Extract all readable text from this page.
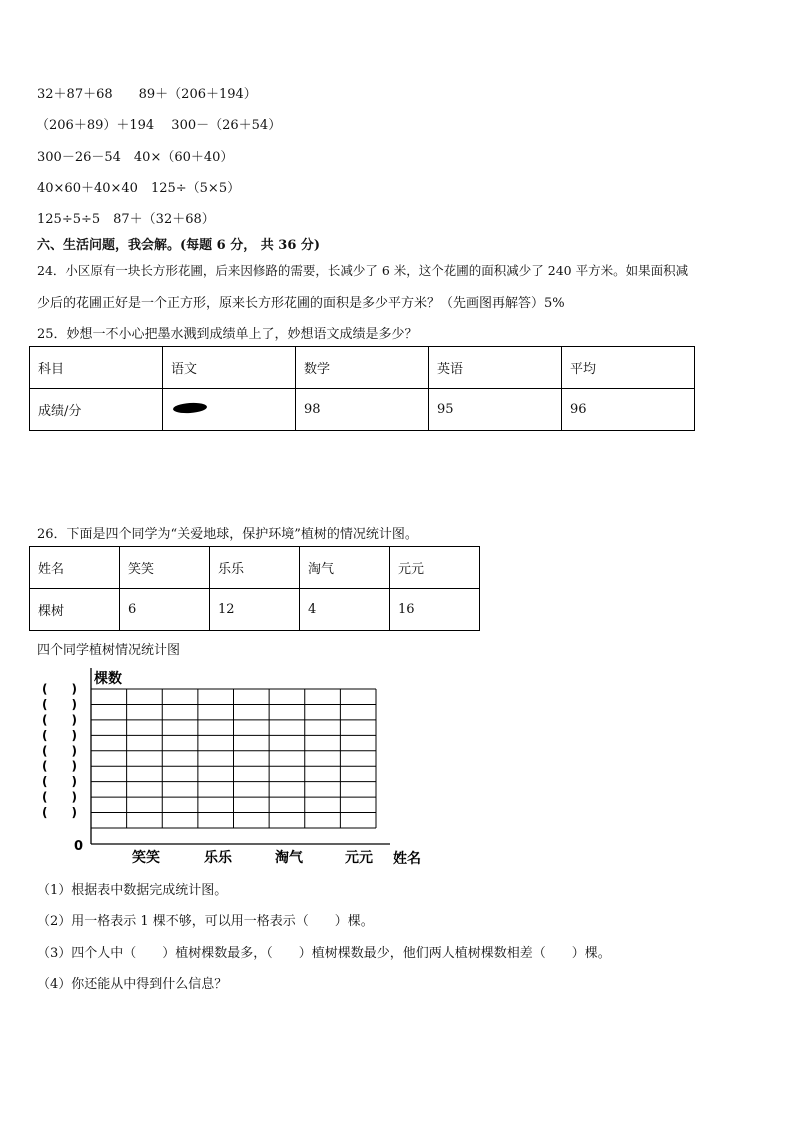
32＋87＋68　　89＋（206＋194）
（206＋89）＋194　 300－（26＋54）
300－26－54　40×（60＋40）
40×60＋40×40　125÷（5×5）
125÷5÷5　87＋（32＋68）
六、生活问题，我会解。(每题 6 分， 共 36 分)
24．小区原有一块长方形花圃，后来因修路的需要，长减少了 6 米，这个花圃的面积减少了 240 平方米。如果面积减
少后的花圃正好是一个正方形，原来长方形花圃的面积是多少平方米？（先画图再解答）5%
25．妙想一不小心把墨水溅到成绩单上了，妙想语文成绩是多少？
科目	语文	数学	英语	平均
成绩/分		98	95	96
26．下面是四个同学为“关爱地球，保护环境”植树的情况统计图。
姓名	笑笑	乐乐	淘气	元元
棵树	6	12	4	16
四个同学植树情况统计图
棵数
姓名
0
(　　)
(　　)
(　　)
(　　)
(　　)
(　　)
(　　)
(　　)
(　　)
笑笑	乐乐	淘气	元元
（1）根据表中数据完成统计图。
（2）用一格表示 1 棵不够，可以用一格表示（　　）棵。
（3）四个人中（　　）植树棵数最多，（　　）植树棵数最少，他们两人植树棵数相差（　　）棵。
（4）你还能从中得到什么信息？
